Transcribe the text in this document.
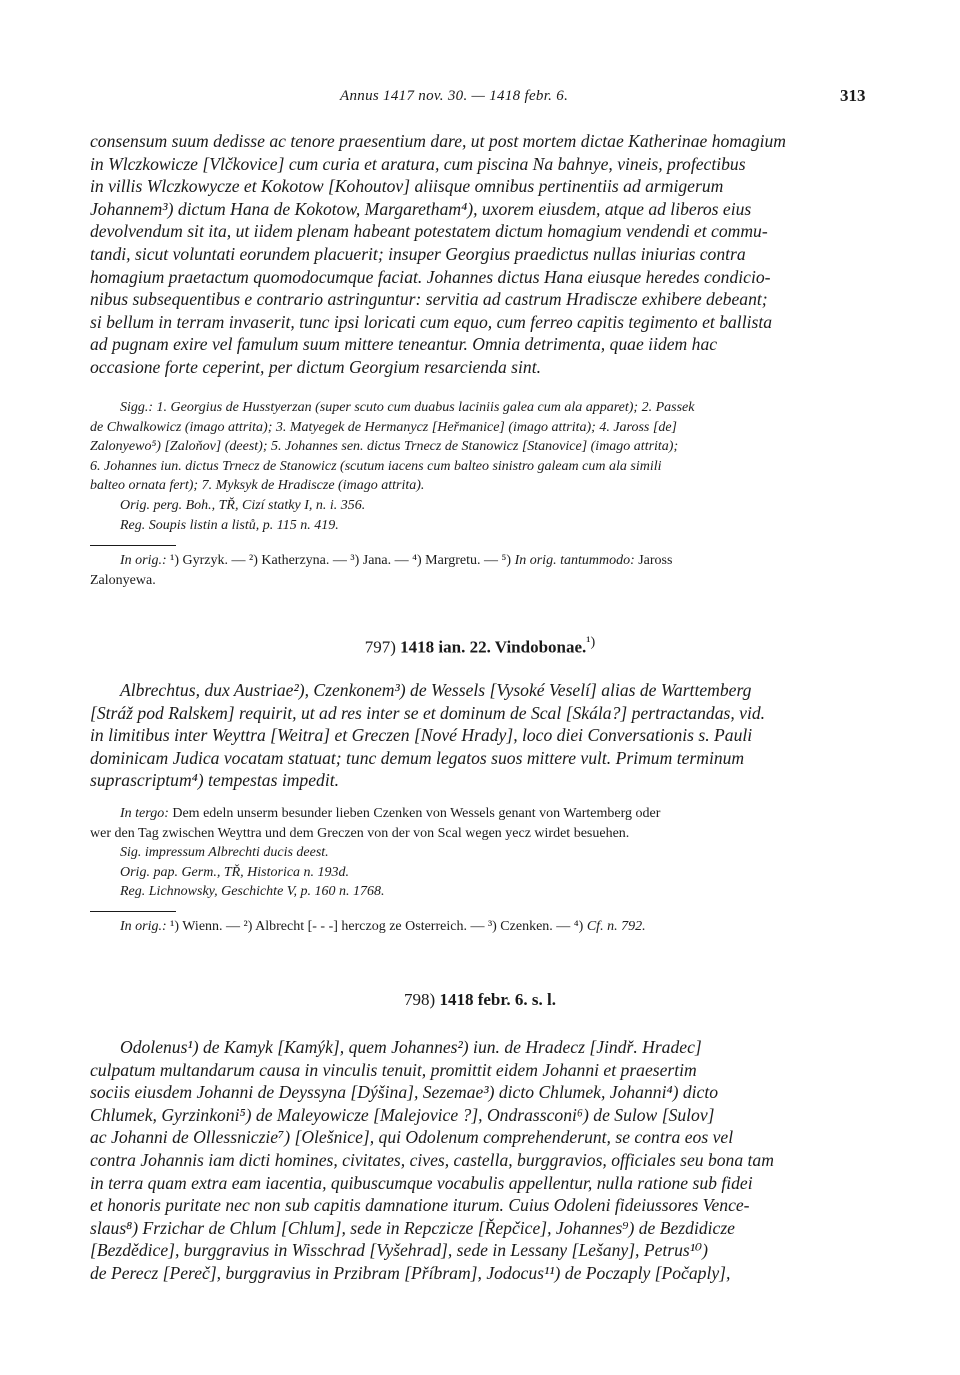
Annus 1417 nov. 30. — 1418 febr. 6.	313

consensum suum dedisse ac tenore praesentium dare, ut post mortem dictae Katherinae homagium
in Wlczkowicze [Vlčkovice] cum curia et aratura, cum piscina Na bahnye, vineis, profectibus
in villis Wlczkowycze et Kokotow [Kohoutov] aliisque omnibus pertinentiis ad armigerum
Johannem³) dictum Hana de Kokotow, Margaretham⁴), uxorem eiusdem, atque ad liberos eius
devolvendum sit ita, ut iidem plenam habeant potestatem dictum homagium vendendi et commu-
tandi, sicut voluntati eorundem placuerit; insuper Georgius praedictus nullas iniurias contra
homagium praetactum quomodocumque faciat. Johannes dictus Hana eiusque heredes condicio-
nibus subsequentibus e contrario astringuntur: servitia ad castrum Hradiscze exhibere debeant;
si bellum in terram invaserit, tunc ipsi loricati cum equo, cum ferreo capitis tegimento et ballista
ad pugnam exire vel famulum suum mittere teneantur. Omnia detrimenta, quae iidem hac
occasione forte ceperint, per dictum Georgium resarcienda sint.

Sigg.: 1. Georgius de Husstyerzan (super scuto cum duabus laciniis galea cum ala apparet); 2. Passek
de Chwalkowicz (imago attrita); 3. Matyegek de Hermanycz [Heřmanice] (imago attrita); 4. Jaross [de]
Zalonyewo⁵) [Zaloňov] (deest); 5. Johannes sen. dictus Trnecz de Stanowicz [Stanovice] (imago attrita);
6. Johannes iun. dictus Trnecz de Stanowicz (scutum iacens cum balteo sinistro galeam cum ala simili
balteo ornata fert); 7. Myksyk de Hradiscze (imago attrita).
Orig. perg. Boh., TŘ, Cizí statky I, n. i. 356.
Reg. Soupis listin a listů, p. 115 n. 419.

In orig.: ¹) Gyrzyk. — ²) Katherzyna. — ³) Jana. — ⁴) Margretu. — ⁵) In orig. tantummodo: Jaross
Zalonyewa.

797) 1418 ian. 22. Vindobonae.$^{^1)}$

Albrechtus, dux Austriae²), Czenkonem³) de Wessels [Vysoké Veselí] alias de Warttemberg
[Stráž pod Ralskem] requirit, ut ad res inter se et dominum de Scal [Skála?] pertractandas, vid.
in limitibus inter Weyttra [Weitra] et Greczen [Nové Hrady], loco diei Conversationis s. Pauli
dominicam Judica vocatam statuat; tunc demum legatos suos mittere vult. Primum terminum
suprascriptum⁴) tempestas impedit.

In tergo: Dem edeln unserm besunder lieben Czenken von Wessels genant von Wartemberg oder
wer den Tag zwischen Weyttra und dem Greczen von der von Scal wegen yecz wirdet besuehen.
Sig. impressum Albrechti ducis deest.
Orig. pap. Germ., TŘ, Historica n. 193d.
Reg. Lichnowsky, Geschichte V, p. 160 n. 1768.

In orig.: ¹) Wienn. — ²) Albrecht [- - -] herczog ze Osterreich. — ³) Czenken. — ⁴) Cf. n. 792.

798) 1418 febr. 6. s. l.

Odolenus¹) de Kamyk [Kamýk], quem Johannes²) iun. de Hradecz [Jindř. Hradec]
culpatum multandarum causa in vinculis tenuit, promittit eidem Johanni et praesertim
sociis eiusdem Johanni de Deyssyna [Dýšina], Sezemae³) dicto Chlumek, Johanni⁴) dicto
Chlumek, Gyrzinkoni⁵) de Maleyowicze [Malejovice ?], Ondrassconi⁶) de Sulow [Sulov]
ac Johanni de Ollessniczie⁷) [Olešnice], qui Odolenum comprehenderunt, se contra eos vel
contra Johannis iam dicti homines, civitates, cives, castella, burggravios, officiales seu bona tam
in terra quam extra eam iacentia, quibuscumque vocabulis appellentur, nulla ratione sub fidei
et honoris puritate nec non sub capitis damnatione iturum. Cuius Odoleni fideiussores Vence-
slaus⁸) Frzichar de Chlum [Chlum], sede in Repczicze [Řepčice], Johannes⁹) de Bezdidicze
[Bezdědice], burggravius in Wisschrad [Vyšehrad], sede in Lessany [Lešany], Petrus¹⁰)
de Perecz [Pereč], burggravius in Przibram [Příbram], Jodocus¹¹) de Poczaply [Počaply],
